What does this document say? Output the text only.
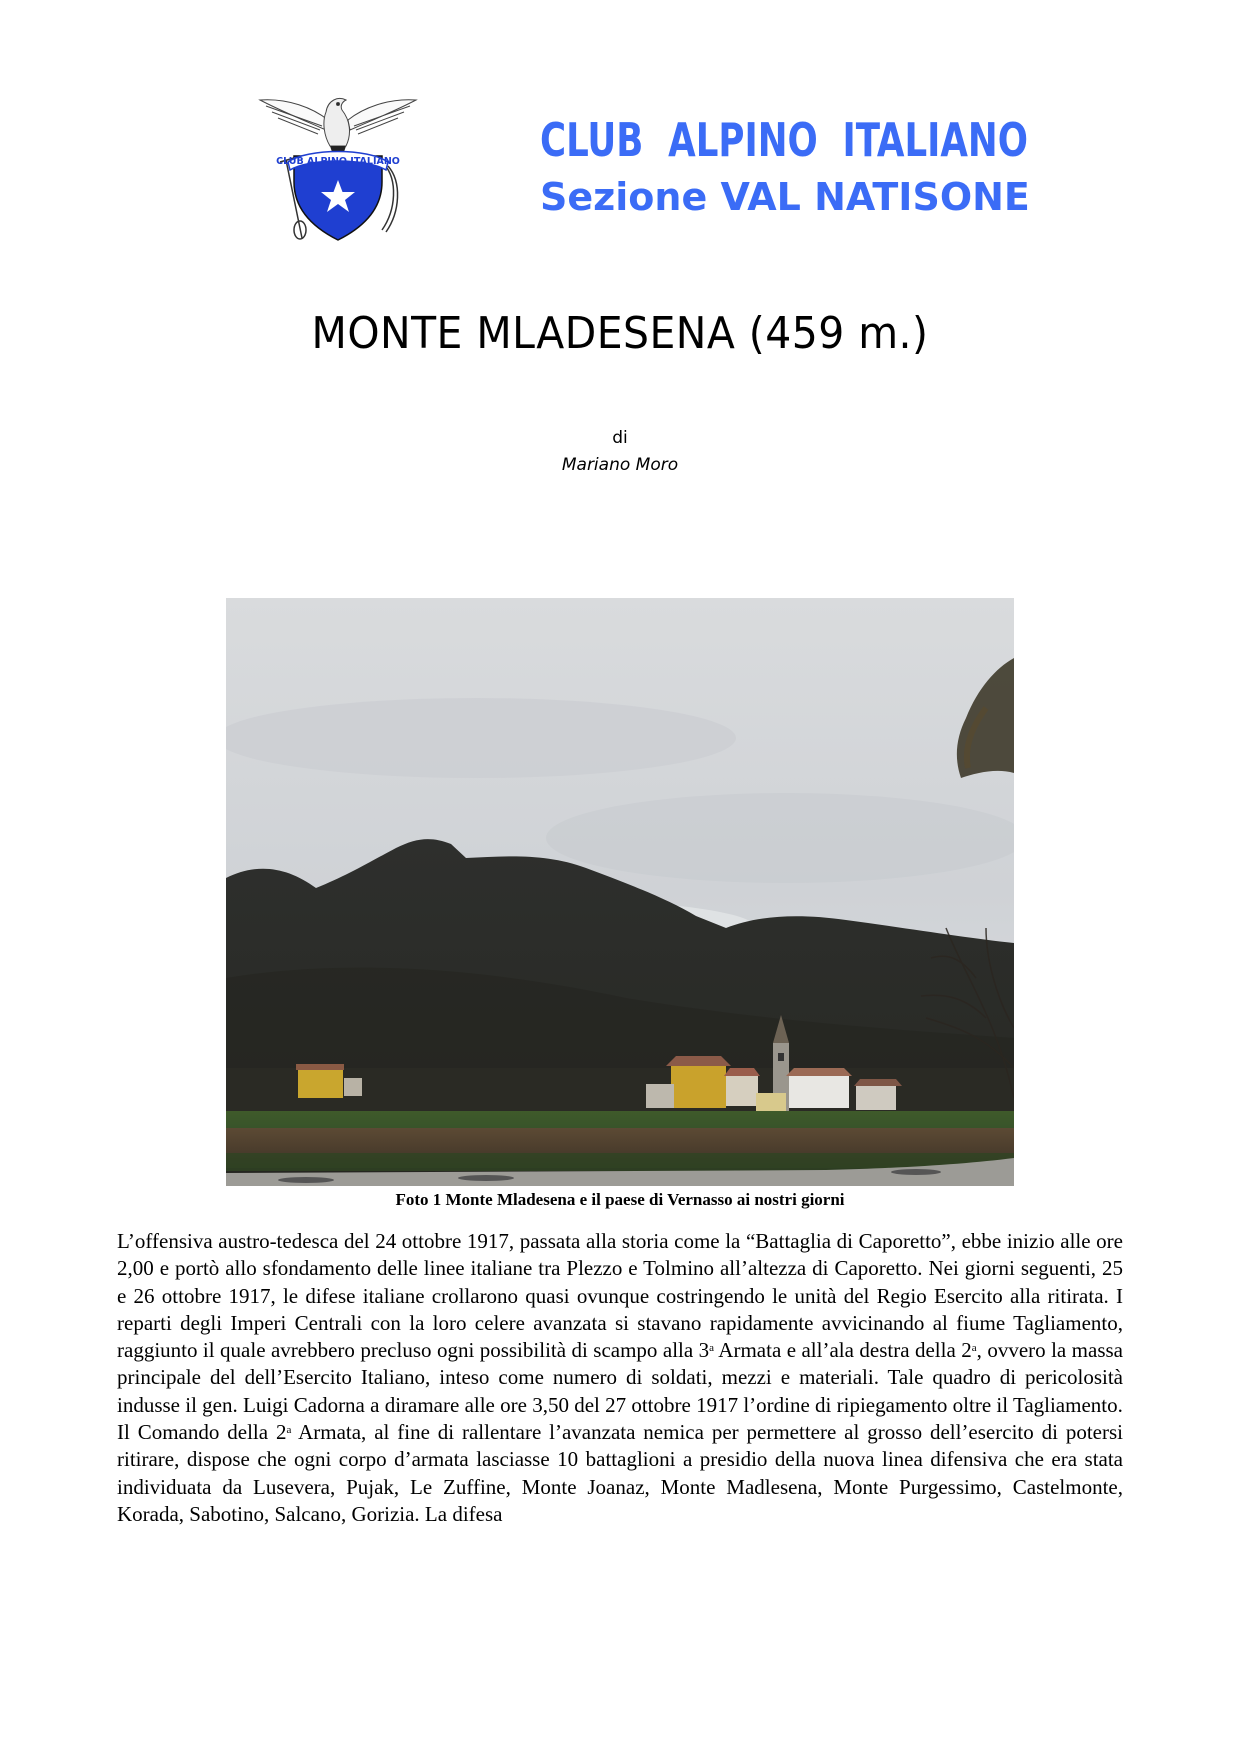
CLUB ALPINO ITALIANO	CLUB  ALPINO  ITALIANO
Sezione VAL NATISONE
MONTE MLADESENA (459 m.)
di
Mariano Moro
Foto 1 Monte Mladesena e il paese di Vernasso ai nostri giorni

L’offensiva austro-tedesca del 24 ottobre 1917, passata alla storia come la “Battaglia di Caporetto”, ebbe inizio alle ore 2,00 e portò allo sfondamento delle linee italiane tra Plezzo e Tolmino all’altezza di Caporetto. Nei giorni seguenti, 25 e 26 ottobre 1917, le difese italiane crollarono quasi ovunque costringendo le unità del Regio Esercito alla ritirata. I reparti degli Imperi Centrali con la loro celere avanzata si stavano rapidamente avvicinando al fiume Tagliamento, raggiunto il quale avrebbero precluso ogni possibilità di scampo alla 3$^a$ Armata e all’ala destra della 2$^a$, ovvero la massa principale del dell’Esercito Italiano, inteso come numero di soldati, mezzi e materiali. Tale quadro di pericolosità indusse il gen. Luigi Cadorna a diramare alle ore 3,50 del 27 ottobre 1917 l’ordine di ripiegamento oltre il Tagliamento.

Il Comando della 2$^a$ Armata, al fine di rallentare l’avanzata nemica per permettere al grosso dell’esercito di potersi ritirare, dispose che ogni corpo d’armata lasciasse 10 battaglioni a presidio della nuova linea difensiva che era stata individuata da Lusevera, Pujak, Le Zuffine, Monte Joanaz, Monte Madlesena, Monte Purgessimo, Castelmonte, Korada, Sabotino, Salcano, Gorizia. La difesa
